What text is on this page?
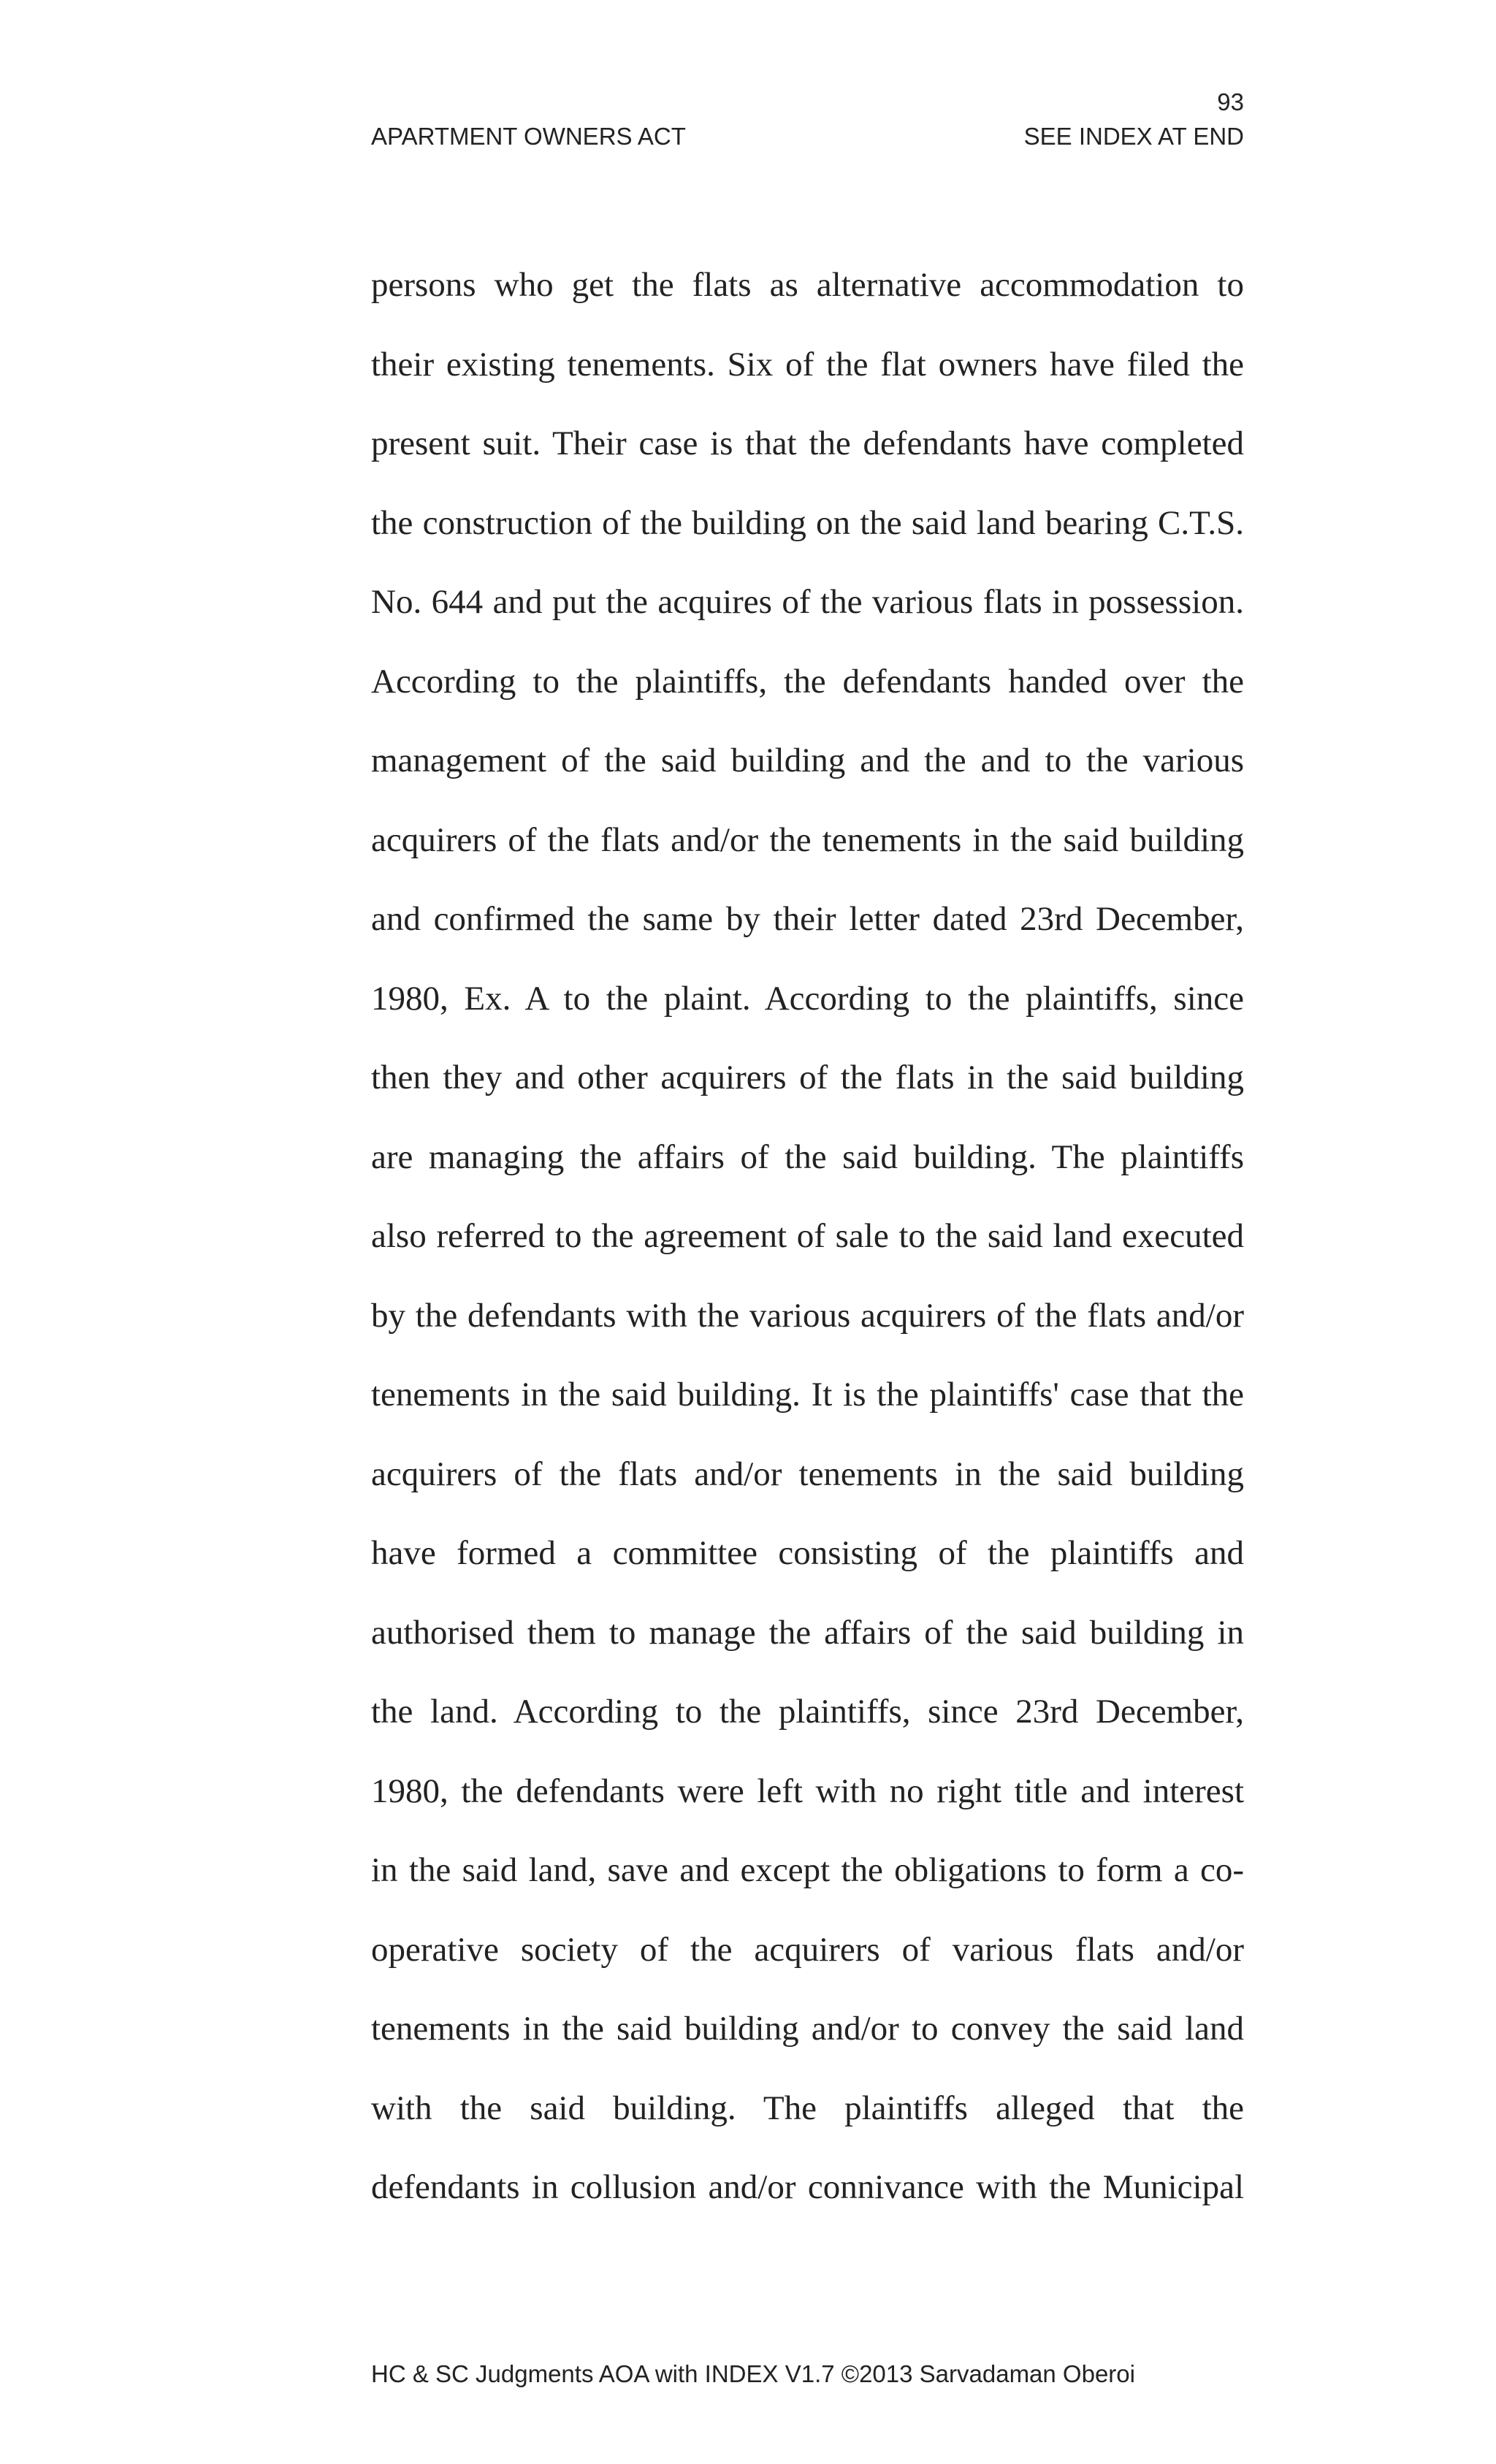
93

APARTMENT OWNERS ACT	SEE INDEX AT END
persons who get the flats as alternative accommodation to
their existing tenements. Six of the flat owners have filed the
present suit. Their case is that the defendants have completed
the construction of the building on the said land bearing C.T.S.
No. 644 and put the acquires of the various flats in possession.
According to the plaintiffs, the defendants handed over the
management of the said building and the and to the various
acquirers of the flats and/or the tenements in the said building
and confirmed the same by their letter dated 23rd December,
1980, Ex. A to the plaint. According to the plaintiffs, since
then they and other acquirers of the flats in the said building
are managing the affairs of the said building. The plaintiffs
also referred to the agreement of sale to the said land executed
by the defendants with the various acquirers of the flats and/or
tenements in the said building. It is the plaintiffs' case that the
acquirers of the flats and/or tenements in the said building
have formed a committee consisting of the plaintiffs and
authorised them to manage the affairs of the said building in
the land. According to the plaintiffs, since 23rd December,
1980, the defendants were left with no right title and interest
in the said land, save and except the obligations to form a co-
operative society of the acquirers of various flats and/or
tenements in the said building and/or to convey the said land
with the said building. The plaintiffs alleged that the
defendants in collusion and/or connivance with the Municipal

HC & SC Judgments AOA with INDEX V1.7 ©2013 Sarvadaman Oberoi
